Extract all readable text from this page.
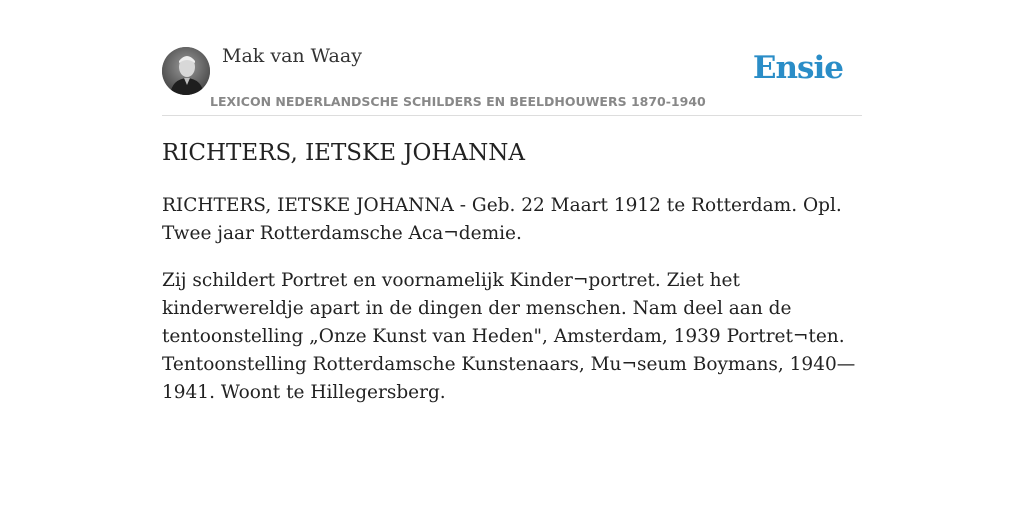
Mak van Waay
LEXICON NEDERLANDSCHE SCHILDERS EN BEELDHOUWERS 1870-1940
Ensie
RICHTERS, IETSKE JOHANNA

RICHTERS, IETSKE JOHANNA - Geb. 22 Maart 1912 te Rotterdam. Opl. Twee jaar Rotterdamsche Aca¬demie.

Zij schildert Portret en voornamelijk Kinder¬portret. Ziet het kinderwereldje apart in de dingen der menschen. Nam deel aan de tentoonstelling „Onze Kunst van Heden", Amsterdam, 1939 Portret¬ten. Tentoonstelling Rotterdamsche Kunstenaars, Mu¬seum Boymans, 1940—1941. Woont te Hillegersberg.
